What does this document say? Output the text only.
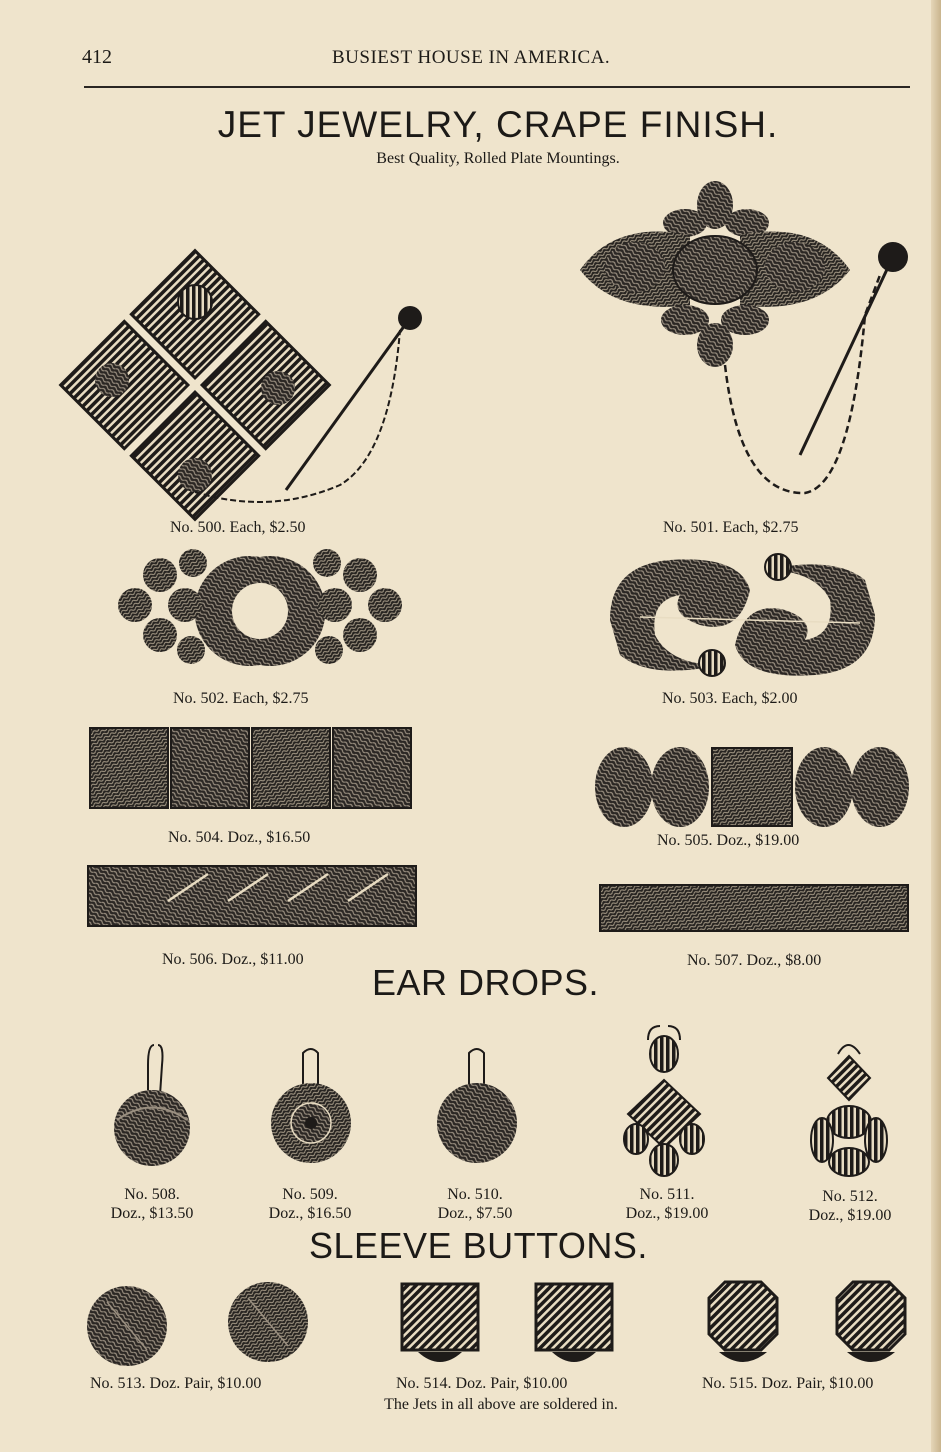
412	BUSIEST HOUSE IN AMERICA.
JET JEWELRY, CRAPE FINISH.
Best Quality, Rolled Plate Mountings.
No. 500. Each, $2.50	No. 501. Each, $2.75
No. 502. Each, $2.75	No. 503. Each, $2.00
No. 504. Doz., $16.50	No. 505. Doz., $19.00
No. 506. Doz., $11.00	No. 507. Doz., $8.00
EAR DROPS.
No. 508.
Doz., $13.50
No. 509.
Doz., $16.50
No. 510.
Doz., $7.50
No. 511.
Doz., $19.00
No. 512.
Doz., $19.00
SLEEVE BUTTONS.
No. 513. Doz. Pair, $10.00	No. 514. Doz. Pair, $10.00	No. 515. Doz. Pair, $10.00
The Jets in all above are soldered in.
